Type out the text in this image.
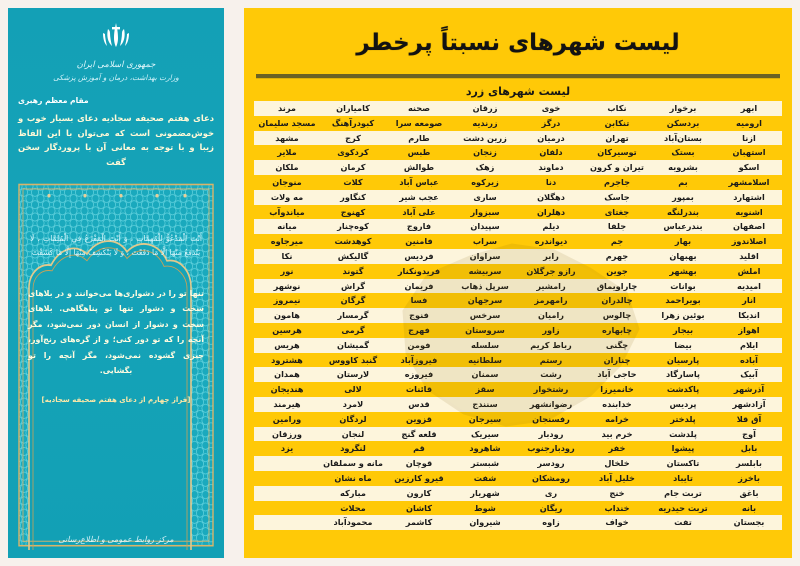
لیست شهرهای نسبتاً پرخطر
لیست شهرهای زرد
ابهر	برخوار	نکاب	خوی	زرقان	صحنه	کامیاران	مرند
ارومیه	بردسکن	تنکابن	درگز	زرندیه	صومعه سرا	کبودرآهنگ	مسجد سلیمان
ازنا	بستان‌آباد	تهران	درمیان	زرین دشت	طارم	کرج	مشهد
استهبان	بستک	توسیرکان	دلفان	زنجان	طبس	کردکوی	ملایر
اسکو	بشرویه	تیران و کرون	دماوند	زهک	طوالش	کرمان	ملکان
اسلامشهر	بم	جاجرم	دنا	زیرکوه	عباس آباد	کلات	منوجان
اشتهارد	بمپور	جاسک	دهگلان	ساری	عجب شیر	کنگاور	مه ولات
اشنویه	بندرلنگه	جغتای	دهلران	سبزوار	علی آباد	کهنوج	میاندوآب
اصفهان	بندرعباس	جلفا	دیلم	سپیدان	فاروج	کوه‌چنار	میانه
اصلاندوز	بهار	جم	دیواندره	سراب	فامنین	کوهدشت	میرجاوه
اقلید	بهبهان	جهرم	رابر	سراوان	فردیس	گالیکش	نکا
املش	بهشهر	جوین	رازو جرگلان	سربیشه	فریدونکنار	گتوند	نور
امیدیه	بوانات	چاراویماق	رامشیر	سرپل ذهاب	فریمان	گراش	نوشهر
انار	بویراحمد	چالدران	رامهرمز	سرجهان	فسا	گرگان	نیمروز
اندیکا	بوئین زهرا	چالوس	رامیان	سرخس	فنوج	گرمسار	هامون
اهواز	بیجار	چابهاره	زاور	سروستان	فهرج	گرمی	هرسین
ایلام	بیضا	چگنی	رباط کریم	سلسله	فومن	گمیشان	هریس
آباده	پارسیان	چناران	رستم	سلطانیه	فیروزآباد	گنبد کاووس	هشترود
آبیک	پاسارگاد	حاجی آباد	رشت	سمنان	فیروزه	لارستان	همدان
آذرشهر	پاکدشت	خانمیرزا	رشتخوار	سقز	قائنات	لالی	هندیجان
آزادشهر	پردیس	خدابنده	رضوانشهر	سنندج	قدس	لامرد	هیرمند
آق قلا	پلدختر	خرامه	رفسنجان	سیرجان	قزوین	لردگان	ورامین
آوج	پلدشت	خرم بید	رودبار	سیریک	قلعه گنج	لنجان	ورزقان
بابل	پیشوا	خفر	رودبارجنوب	شاهرود	قم	لنگرود	یزد
بابلسر	تاکستان	خلخال	رودسر	شبستر	قوچان	مانه و سملقان	
باخرز	تایباد	خلیل آباد	رومشکان	شفت	قیرو کارزین	ماه نشان	
باغق	تربت جام	خنج	ری	شهریار	کارون	مبارکه	
بانه	تربت حیدریه	خنداب	ریگان	شوط	کاشان	محلات	
بجستان	تفت	خواف	زاوه	شیروان	کاشمر	محمودآباد	

جمهوری اسلامی ایران
وزارت بهداشت، درمان و آموزش پزشکی
مقام معظم رهبری
دعای هفتم صحیفه سجادیه دعای بسیار خوب و خوش‌مضمونی است که می‌توان با این الفاظ زیبا و با توجه به معانی آن با پروردگار سخن گفت
أَنْتَ الْمَدْعُوُّ لِلْمُهِمَّاتِ ، وَ أَنْتَ الْمَفْزَعُ فِي الْمُلِمَّاتِ ، لَا يَنْدَفِعُ مِنْهَا إِلَّا مَا دَفَعْتَ ، وَ لَا يَنْكَشِفُ مِنْهَا إِلَّا مَا كَشَفْتَ
تنها تو را در دشواری‌ها می‌خوانند و در بلاهای سخت و دشوار تنها تو پناهگاهی. بلاهای سخت و دشوار از انسان دور نمی‌شود، مگر آنچه را که تو دور کنی؛ و از گره‌های رنج‌آور، چیزی گشوده نمی‌شود، مگر آنچه را تو بگشایی.
[فراز چهارم از دعای هفتم صحیفه سجادیه]
مرکز روابط عمومی و اطلاع‌رسانی
